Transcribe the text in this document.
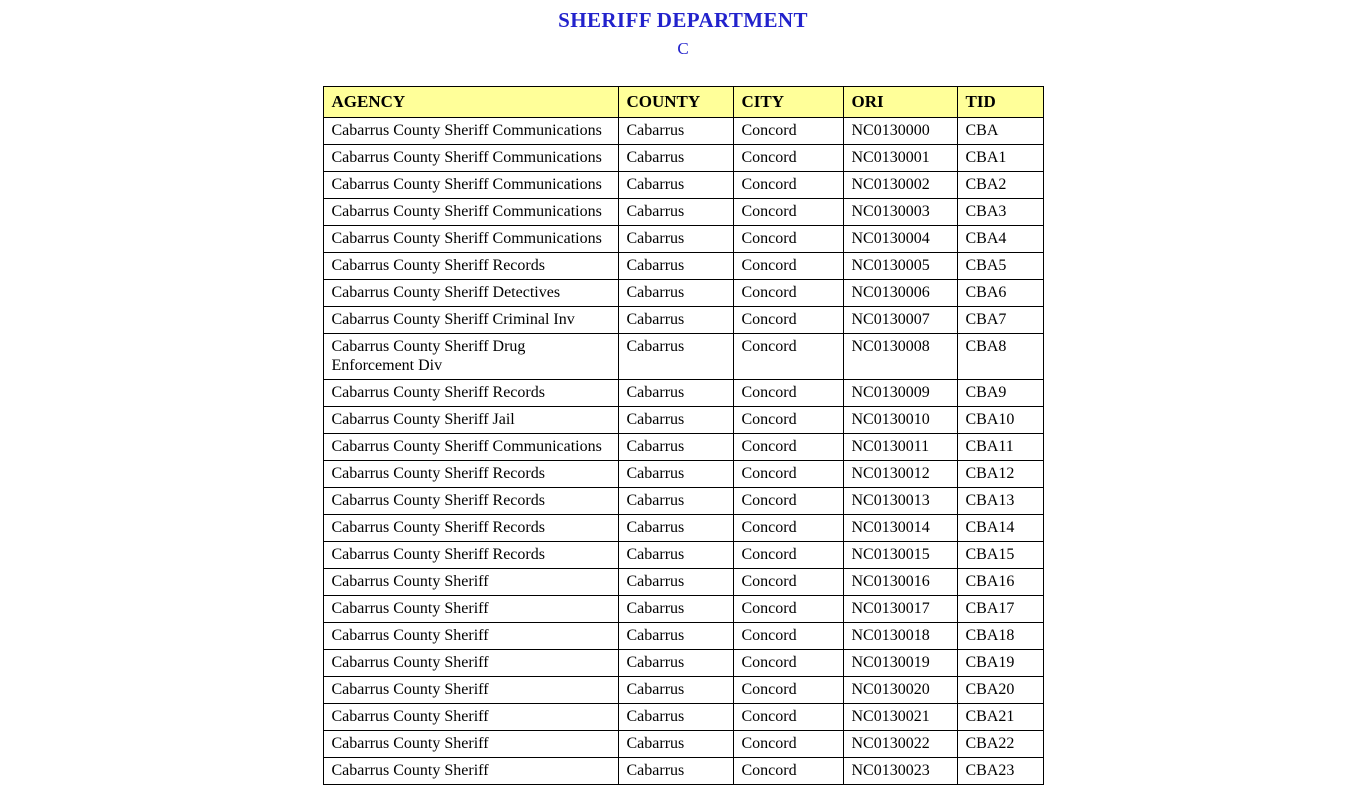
SHERIFF DEPARTMENT
C
AGENCY	COUNTY	CITY	ORI	TID
Cabarrus County Sheriff Communications	Cabarrus	Concord	NC0130000	CBA
Cabarrus County Sheriff Communications	Cabarrus	Concord	NC0130001	CBA1
Cabarrus County Sheriff Communications	Cabarrus	Concord	NC0130002	CBA2
Cabarrus County Sheriff Communications	Cabarrus	Concord	NC0130003	CBA3
Cabarrus County Sheriff Communications	Cabarrus	Concord	NC0130004	CBA4
Cabarrus County Sheriff Records	Cabarrus	Concord	NC0130005	CBA5
Cabarrus County Sheriff Detectives	Cabarrus	Concord	NC0130006	CBA6
Cabarrus County Sheriff Criminal Inv	Cabarrus	Concord	NC0130007	CBA7
Cabarrus County Sheriff Drug Enforcement Div	Cabarrus	Concord	NC0130008	CBA8
Cabarrus County Sheriff Records	Cabarrus	Concord	NC0130009	CBA9
Cabarrus County Sheriff Jail	Cabarrus	Concord	NC0130010	CBA10
Cabarrus County Sheriff Communications	Cabarrus	Concord	NC0130011	CBA11
Cabarrus County Sheriff Records	Cabarrus	Concord	NC0130012	CBA12
Cabarrus County Sheriff Records	Cabarrus	Concord	NC0130013	CBA13
Cabarrus County Sheriff Records	Cabarrus	Concord	NC0130014	CBA14
Cabarrus County Sheriff Records	Cabarrus	Concord	NC0130015	CBA15
Cabarrus County Sheriff	Cabarrus	Concord	NC0130016	CBA16
Cabarrus County Sheriff	Cabarrus	Concord	NC0130017	CBA17
Cabarrus County Sheriff	Cabarrus	Concord	NC0130018	CBA18
Cabarrus County Sheriff	Cabarrus	Concord	NC0130019	CBA19
Cabarrus County Sheriff	Cabarrus	Concord	NC0130020	CBA20
Cabarrus County Sheriff	Cabarrus	Concord	NC0130021	CBA21
Cabarrus County Sheriff	Cabarrus	Concord	NC0130022	CBA22
Cabarrus County Sheriff	Cabarrus	Concord	NC0130023	CBA23
